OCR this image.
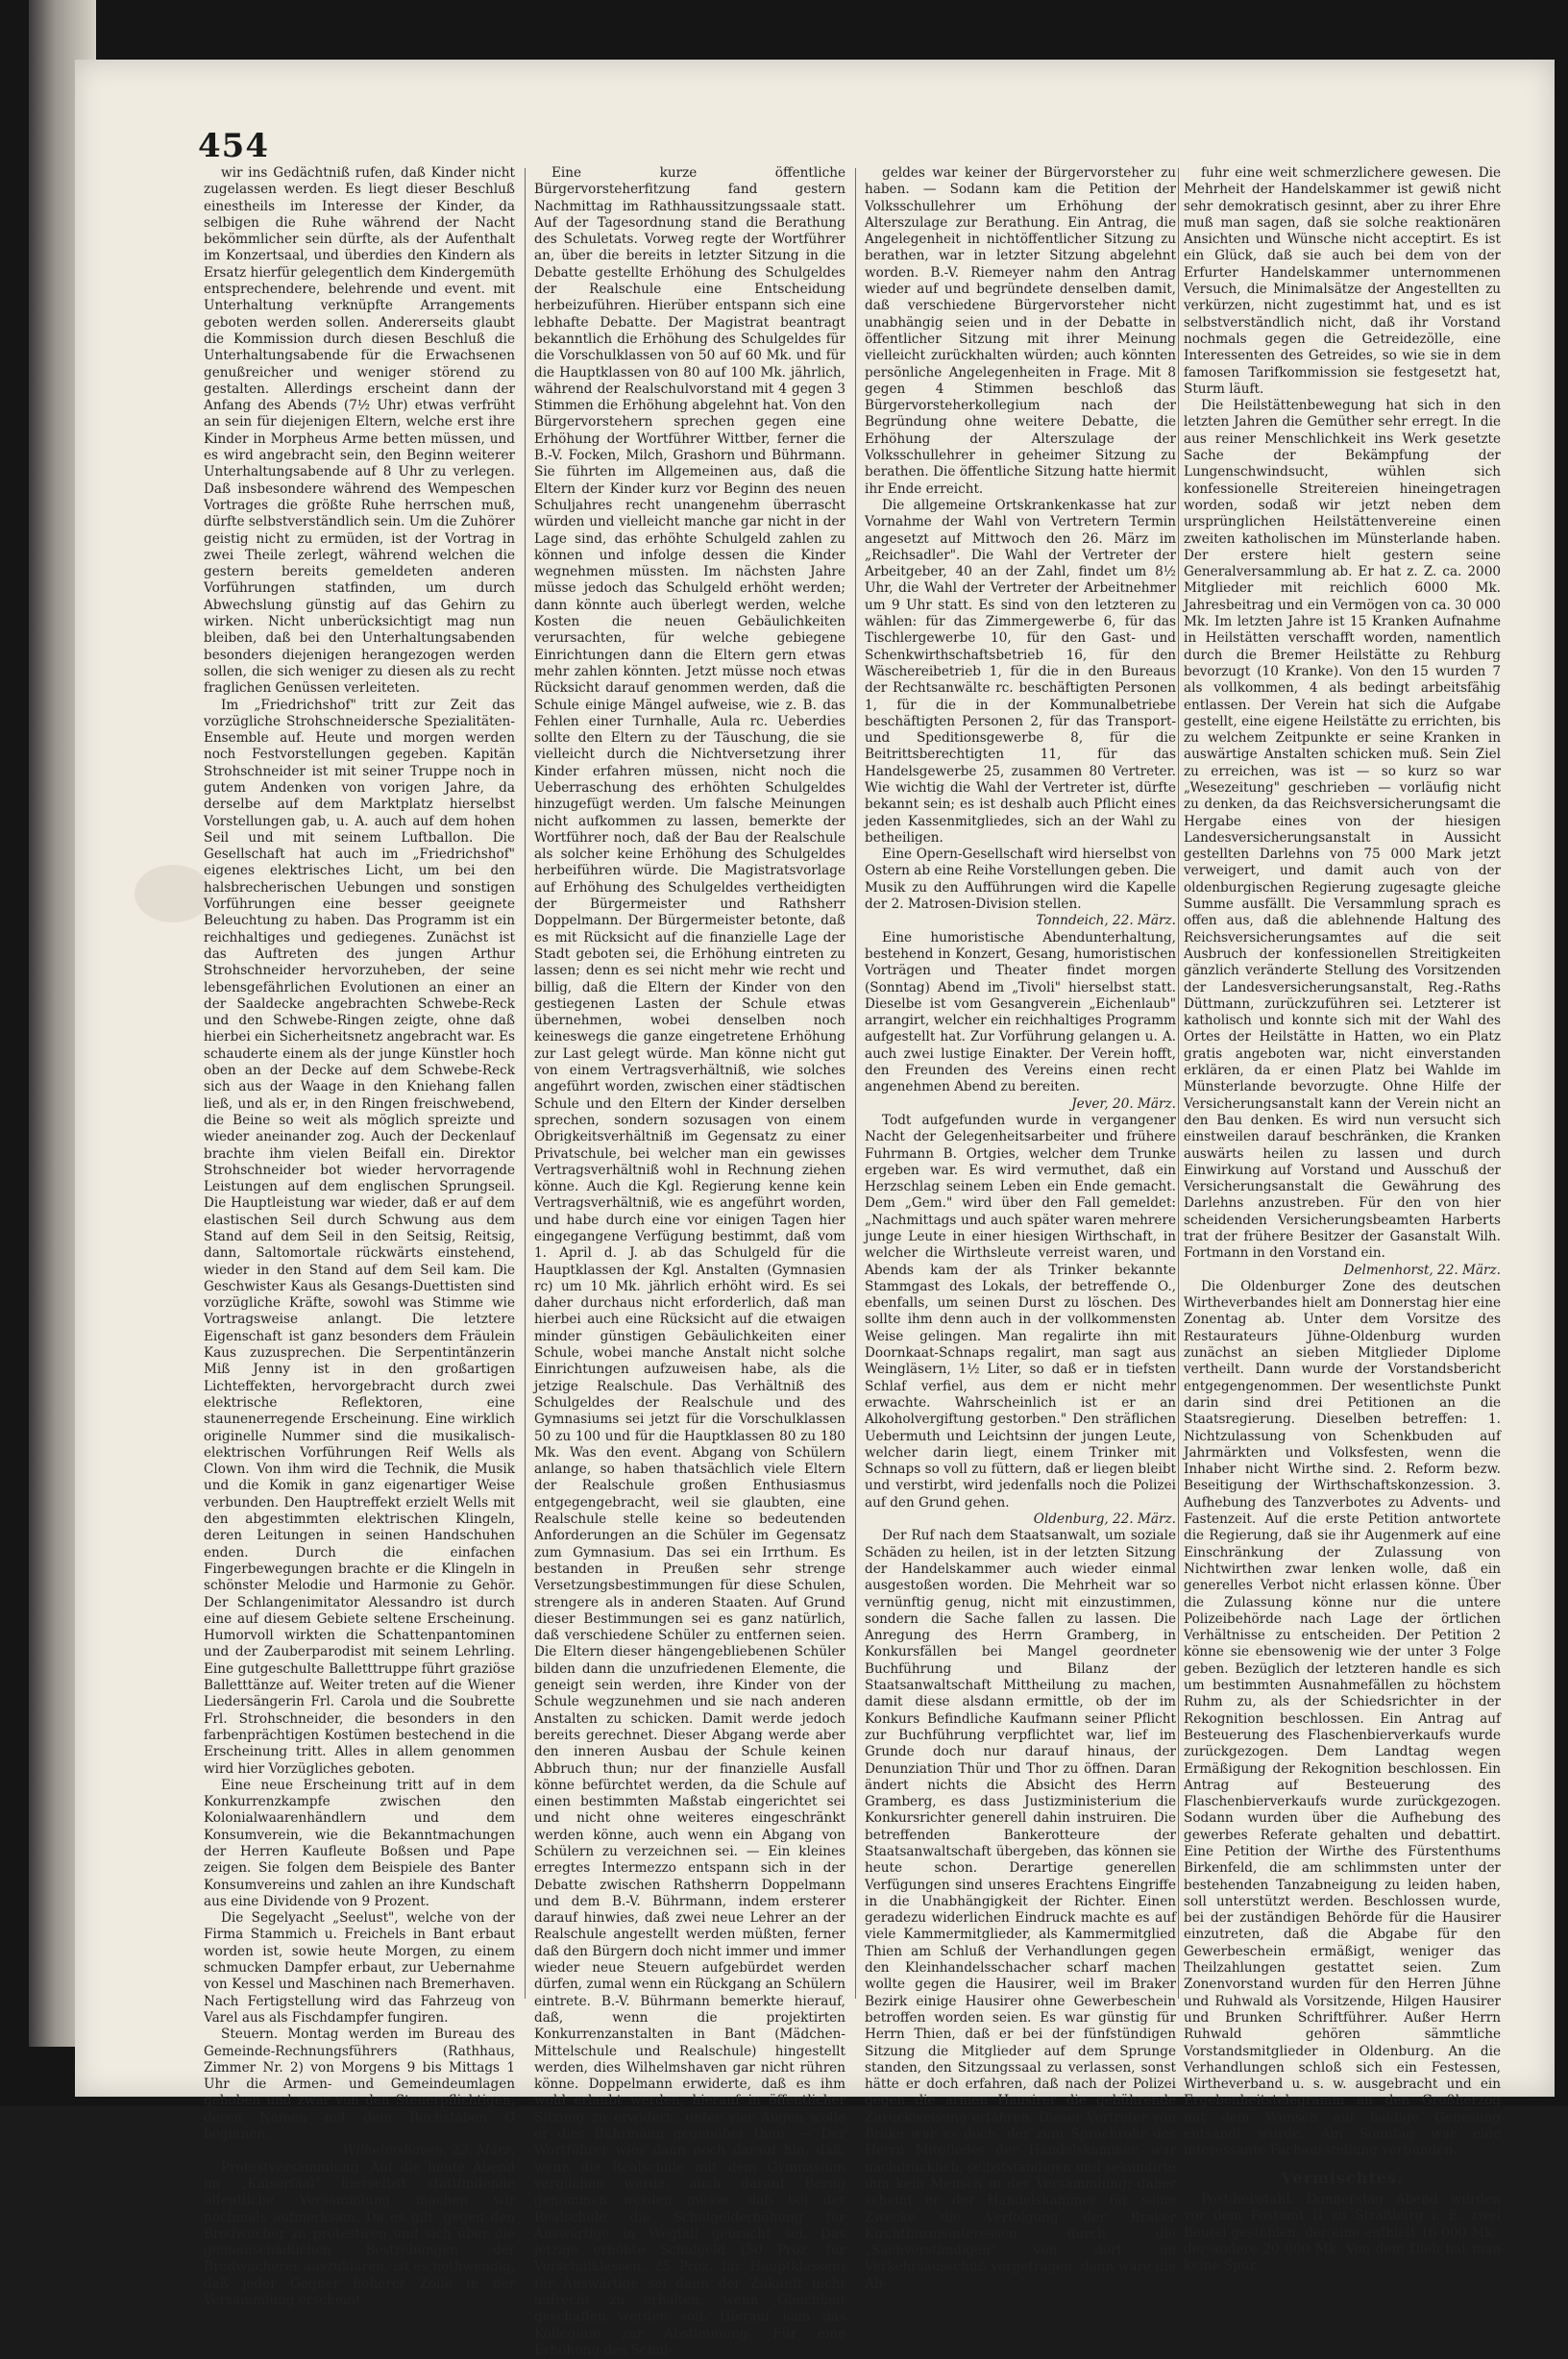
454

wir ins Gedächtniß rufen, daß Kinder nicht zugelassen werden. Es liegt dieser Beschluß einestheils im Interesse der Kinder, da selbigen die Ruhe während der Nacht bekömmlicher sein dürfte, als der Aufenthalt im Konzertsaal, und überdies den Kindern als Ersatz hierfür gelegentlich dem Kindergemüth entsprechendere, belehrende und event. mit Unterhaltung verknüpfte Arrangements geboten werden sollen. Andererseits glaubt die Kommission durch diesen Beschluß die Unterhaltungsabende für die Erwachsenen genußreicher und weniger störend zu gestalten. Allerdings erscheint dann der Anfang des Abends (7½ Uhr) etwas verfrüht an sein für diejenigen Eltern, welche erst ihre Kinder in Morpheus Arme betten müssen, und es wird angebracht sein, den Beginn weiterer Unterhaltungsabende auf 8 Uhr zu verlegen. Daß insbesondere während des Wempeschen Vortrages die größte Ruhe herrschen muß, dürfte selbstverständlich sein. Um die Zuhörer geistig nicht zu ermüden, ist der Vortrag in zwei Theile zerlegt, während welchen die gestern bereits gemeldeten anderen Vorführungen statfinden, um durch Abwechslung günstig auf das Gehirn zu wirken. Nicht unberücksichtigt mag nun bleiben, daß bei den Unterhaltungsabenden besonders diejenigen herangezogen werden sollen, die sich weniger zu diesen als zu recht fraglichen Genüssen verleiteten.

Im „Friedrichshof" tritt zur Zeit das vorzügliche Strohschneidersche Spezialitäten-Ensemble auf. Heute und morgen werden noch Festvorstellungen gegeben. Kapitän Strohschneider ist mit seiner Truppe noch in gutem Andenken von vorigen Jahre, da derselbe auf dem Marktplatz hierselbst Vorstellungen gab, u. A. auch auf dem hohen Seil und mit seinem Luftballon. Die Gesellschaft hat auch im „Friedrichshof" eigenes elektrisches Licht, um bei den halsbrecherischen Uebungen und sonstigen Vorführungen eine besser geeignete Beleuchtung zu haben. Das Programm ist ein reichhaltiges und gediegenes. Zunächst ist das Auftreten des jungen Arthur Strohschneider hervorzuheben, der seine lebensgefährlichen Evolutionen an einer an der Saaldecke angebrachten Schwebe-Reck und den Schwebe-Ringen zeigte, ohne daß hierbei ein Sicherheitsnetz angebracht war. Es schauderte einem als der junge Künstler hoch oben an der Decke auf dem Schwebe-Reck sich aus der Waage in den Kniehang fallen ließ, und als er, in den Ringen freischwebend, die Beine so weit als möglich spreizte und wieder aneinander zog. Auch der Deckenlauf brachte ihm vielen Beifall ein. Direktor Strohschneider bot wieder hervorragende Leistungen auf dem englischen Sprungseil. Die Hauptleistung war wieder, daß er auf dem elastischen Seil durch Schwung aus dem Stand auf dem Seil in den Seitsig, Reitsig, dann, Saltomortale rückwärts einstehend, wieder in den Stand auf dem Seil kam. Die Geschwister Kaus als Gesangs-Duettisten sind vorzügliche Kräfte, sowohl was Stimme wie Vortragsweise anlangt. Die letztere Eigenschaft ist ganz besonders dem Fräulein Kaus zuzusprechen. Die Serpentintänzerin Miß Jenny ist in den großartigen Lichteffekten, hervorgebracht durch zwei elektrische Reflektoren, eine staunenerregende Erscheinung. Eine wirklich originelle Nummer sind die musikalisch-elektrischen Vorführungen Reif Wells als Clown. Von ihm wird die Technik, die Musik und die Komik in ganz eigenartiger Weise verbunden. Den Hauptreffekt erzielt Wells mit den abgestimmten elektrischen Klingeln, deren Leitungen in seinen Handschuhen enden. Durch die einfachen Fingerbewegungen brachte er die Klingeln in schönster Melodie und Harmonie zu Gehör. Der Schlangenimitator Alessandro ist durch eine auf diesem Gebiete seltene Erscheinung. Humorvoll wirkten die Schattenpantominen und der Zauberparodist mit seinem Lehrling. Eine gutgeschulte Balletttruppe führt graziöse Balletttänze auf. Weiter treten auf die Wiener Liedersängerin Frl. Carola und die Soubrette Frl. Strohschneider, die besonders in den farbenprächtigen Kostümen bestechend in die Erscheinung tritt. Alles in allem genommen wird hier Vorzügliches geboten.

Eine neue Erscheinung tritt auf in dem Konkurrenzkampfe zwischen den Kolonialwaarenhändlern und dem Konsumverein, wie die Bekanntmachungen der Herren Kaufleute Boßsen und Pape zeigen. Sie folgen dem Beispiele des Banter Konsumvereins und zahlen an ihre Kundschaft aus eine Dividende von 9 Prozent.

Die Segelyacht „Seelust", welche von der Firma Stammich u. Freichels in Bant erbaut worden ist, sowie heute Morgen, zu einem schmucken Dampfer erbaut, zur Uebernahme von Kessel und Maschinen nach Bremerhaven. Nach Fertigstellung wird das Fahrzeug von Varel aus als Fischdampfer fungiren.

Steuern. Montag werden im Bureau des Gemeinde-Rechnungsführers (Rathhaus, Zimmer Nr. 2) von Morgens 9 bis Mittags 1 Uhr die Armen- und Gemeindeumlagen gehoben und zwar von den Steuerpflichtigen, deren Namen mit dem Buchstaben G beginnen.

Wilhelmshaven, 22. März.

Protestversammlung. Auf die heute Abend im „Kaiserfaal" hierselbst stattfindende öffentliche Versammlung machen wir nochmals aufmerksam. Da es gilt, gegen den Brodwucher zu protestiren und sich über die gemeinschädlichen Bestrebungen der Brodwucherer auszuklären, ist es nothwendig, daß jeder Gegner höherer Zölle in der Versammlung erscheint.

Eine kurze öffentliche Bürgervorsteherfitzung fand gestern Nachmittag im Rathhaussitzungssaale statt. Auf der Tagesordnung stand die Berathung des Schuletats. Vorweg regte der Wortführer an, über die bereits in letzter Sitzung in die Debatte gestellte Erhöhung des Schulgeldes der Realschule eine Entscheidung herbeizuführen. Hierüber entspann sich eine lebhafte Debatte. Der Magistrat beantragt bekanntlich die Erhöhung des Schulgeldes für die Vorschulklassen von 50 auf 60 Mk. und für die Hauptklassen von 80 auf 100 Mk. jährlich, während der Realschulvorstand mit 4 gegen 3 Stimmen die Erhöhung abgelehnt hat. Von den Bürgervorstehern sprechen gegen eine Erhöhung der Wortführer Wittber, ferner die B.-V. Focken, Milch, Grashorn und Bührmann. Sie führten im Allgemeinen aus, daß die Eltern der Kinder kurz vor Beginn des neuen Schuljahres recht unangenehm überrascht würden und vielleicht manche gar nicht in der Lage sind, das erhöhte Schulgeld zahlen zu können und infolge dessen die Kinder wegnehmen müssten. Im nächsten Jahre müsse jedoch das Schulgeld erhöht werden; dann könnte auch überlegt werden, welche Kosten die neuen Gebäulichkeiten verursachten, für welche gebiegene Einrichtungen dann die Eltern gern etwas mehr zahlen könnten. Jetzt müsse noch etwas Rücksicht darauf genommen werden, daß die Schule einige Mängel aufweise, wie z. B. das Fehlen einer Turnhalle, Aula rc. Ueberdies sollte den Eltern zu der Täuschung, die sie vielleicht durch die Nichtversetzung ihrer Kinder erfahren müssen, nicht noch die Ueberraschung des erhöhten Schulgeldes hinzugefügt werden. Um falsche Meinungen nicht aufkommen zu lassen, bemerkte der Wortführer noch, daß der Bau der Realschule als solcher keine Erhöhung des Schulgeldes herbeiführen würde. Die Magistratsvorlage auf Erhöhung des Schulgeldes vertheidigten der Bürgermeister und Rathsherr Doppelmann. Der Bürgermeister betonte, daß es mit Rücksicht auf die finanzielle Lage der Stadt geboten sei, die Erhöhung eintreten zu lassen; denn es sei nicht mehr wie recht und billig, daß die Eltern der Kinder von den gestiegenen Lasten der Schule etwas übernehmen, wobei denselben noch keineswegs die ganze eingetretene Erhöhung zur Last gelegt würde. Man könne nicht gut von einem Vertragsverhältniß, wie solches angeführt worden, zwischen einer städtischen Schule und den Eltern der Kinder derselben sprechen, sondern sozusagen von einem Obrigkeitsverhältniß im Gegensatz zu einer Privatschule, bei welcher man ein gewisses Vertragsverhältniß wohl in Rechnung ziehen könne. Auch die Kgl. Regierung kenne kein Vertragsverhältniß, wie es angeführt worden, und habe durch eine vor einigen Tagen hier eingegangene Verfügung bestimmt, daß vom 1. April d. J. ab das Schulgeld für die Hauptklassen der Kgl. Anstalten (Gymnasien rc) um 10 Mk. jährlich erhöht wird. Es sei daher durchaus nicht erforderlich, daß man hierbei auch eine Rücksicht auf die etwaigen minder günstigen Gebäulichkeiten einer Schule, wobei manche Anstalt nicht solche Einrichtungen aufzuweisen habe, als die jetzige Realschule. Das Verhältniß des Schulgeldes der Realschule und des Gymnasiums sei jetzt für die Vorschulklassen 50 zu 100 und für die Hauptklassen 80 zu 180 Mk. Was den event. Abgang von Schülern anlange, so haben thatsächlich viele Eltern der Realschule großen Enthusiasmus entgegengebracht, weil sie glaubten, eine Realschule stelle keine so bedeutenden Anforderungen an die Schüler im Gegensatz zum Gymnasium. Das sei ein Irrthum. Es bestanden in Preußen sehr strenge Versetzungsbestimmungen für diese Schulen, strengere als in anderen Staaten. Auf Grund dieser Bestimmungen sei es ganz natürlich, daß verschiedene Schüler zu entfernen seien. Die Eltern dieser hängengebliebenen Schüler bilden dann die unzufriedenen Elemente, die geneigt sein werden, ihre Kinder von der Schule wegzunehmen und sie nach anderen Anstalten zu schicken. Damit werde jedoch bereits gerechnet. Dieser Abgang werde aber den inneren Ausbau der Schule keinen Abbruch thun; nur der finanzielle Ausfall könne befürchtet werden, da die Schule auf einen bestimmten Maßstab eingerichtet sei und nicht ohne weiteres eingeschränkt werden könne, auch wenn ein Abgang von Schülern zu verzeichnen sei. — Ein kleines erregtes Intermezzo entspann sich in der Debatte zwischen Rathsherrn Doppelmann und dem B.-V. Bührmann, indem ersterer darauf hinwies, daß zwei neue Lehrer an der Realschule angestellt werden müßten, ferner daß den Bürgern doch nicht immer und immer wieder neue Steuern aufgebürdet werden dürfen, zumal wenn ein Rückgang an Schülern eintrete. B.-V. Bührmann bemerkte hierauf, daß, wenn die projektirten Konkurrenzanstalten in Bant (Mädchen-Mittelschule und Realschule) hingestellt werden, dies Wilhelmshaven gar nicht rühren könne. Doppelmann erwiderte, daß es ihm wohl erlaubt werden, hierauf in öffentlicher Sitzung zu erwidern; unter vier Augen wolle er dies Bührmann gegenüber thun. — Der Wortführer wies dann noch darauf hin, daß, wenn die Realschule mit dem Gymnasium verglichen werde, auch darauf Bezug genommen werden müsse, daß bei der Realschule die Schulgelderhöhung für Auswärtige in Wegfall gebracht sei. Das jetzige erhöhte Schulgeld (50 Proz. für Vorschulklassen, 25 Proz. für Hauptklassen) für Auswärtige sei dann der Zukunft nicht aufrecht zu erhalten, wenn Gleichheit geschaffen werden soll. Hierauf kam das Kollegium zur Abstimmung. Für eine Erhöhung des Schul-

geldes war keiner der Bürgervorsteher zu haben. — Sodann kam die Petition der Volksschullehrer um Erhöhung der Alterszulage zur Berathung. Ein Antrag, die Angelegenheit in nichtöffentlicher Sitzung zu berathen, war in letzter Sitzung abgelehnt worden. B.-V. Riemeyer nahm den Antrag wieder auf und begründete denselben damit, daß verschiedene Bürgervorsteher nicht unabhängig seien und in der Debatte in öffentlicher Sitzung mit ihrer Meinung vielleicht zurückhalten würden; auch könnten persönliche Angelegenheiten in Frage. Mit 8 gegen 4 Stimmen beschloß das Bürgervorsteherkollegium nach der Begründung ohne weitere Debatte, die Erhöhung der Alterszulage der Volksschullehrer in geheimer Sitzung zu berathen. Die öffentliche Sitzung hatte hiermit ihr Ende erreicht.

Die allgemeine Ortskrankenkasse hat zur Vornahme der Wahl von Vertretern Termin angesetzt auf Mittwoch den 26. März im „Reichsadler". Die Wahl der Vertreter der Arbeitgeber, 40 an der Zahl, findet um 8½ Uhr, die Wahl der Vertreter der Arbeitnehmer um 9 Uhr statt. Es sind von den letzteren zu wählen: für das Zimmergewerbe 6, für das Tischlergewerbe 10, für den Gast- und Schenkwirthschaftsbetrieb 16, für den Wäschereibetrieb 1, für die in den Bureaus der Rechtsanwälte rc. beschäftigten Personen 1, für die in der Kommunalbetriebe beschäftigten Personen 2, für das Transport- und Speditionsgewerbe 8, für die Beitrittsberechtigten 11, für das Handelsgewerbe 25, zusammen 80 Vertreter. Wie wichtig die Wahl der Vertreter ist, dürfte bekannt sein; es ist deshalb auch Pflicht eines jeden Kassenmitgliedes, sich an der Wahl zu betheiligen.

Eine Opern-Gesellschaft wird hierselbst von Ostern ab eine Reihe Vorstellungen geben. Die Musik zu den Aufführungen wird die Kapelle der 2. Matrosen-Division stellen.

Tonndeich, 22. März.

Eine humoristische Abendunterhaltung, bestehend in Konzert, Gesang, humoristischen Vorträgen und Theater findet morgen (Sonntag) Abend im „Tivoli" hierselbst statt. Dieselbe ist vom Gesangverein „Eichenlaub" arrangirt, welcher ein reichhaltiges Programm aufgestellt hat. Zur Vorführung gelangen u. A. auch zwei lustige Einakter. Der Verein hofft, den Freunden des Vereins einen recht angenehmen Abend zu bereiten.

Jever, 20. März.

Todt aufgefunden wurde in vergangener Nacht der Gelegenheitsarbeiter und frühere Fuhrmann B. Ortgies, welcher dem Trunke ergeben war. Es wird vermuthet, daß ein Herzschlag seinem Leben ein Ende gemacht. Dem „Gem." wird über den Fall gemeldet: „Nachmittags und auch später waren mehrere junge Leute in einer hiesigen Wirthschaft, in welcher die Wirthsleute verreist waren, und Abends kam der als Trinker bekannte Stammgast des Lokals, der betreffende O., ebenfalls, um seinen Durst zu löschen. Des sollte ihm denn auch in der vollkommensten Weise gelingen. Man regalirte ihn mit Doornkaat-Schnaps regalirt, man sagt aus Weingläsern, 1½ Liter, so daß er in tiefsten Schlaf verfiel, aus dem er nicht mehr erwachte. Wahrscheinlich ist er an Alkoholvergiftung gestorben." Den sträflichen Uebermuth und Leichtsinn der jungen Leute, welcher darin liegt, einem Trinker mit Schnaps so voll zu füttern, daß er liegen bleibt und verstirbt, wird jedenfalls noch die Polizei auf den Grund gehen.

Oldenburg, 22. März.

Der Ruf nach dem Staatsanwalt, um soziale Schäden zu heilen, ist in der letzten Sitzung der Handelskammer auch wieder einmal ausgestoßen worden. Die Mehrheit war so vernünftig genug, nicht mit einzustimmen, sondern die Sache fallen zu lassen. Die Anregung des Herrn Gramberg, in Konkursfällen bei Mangel geordneter Buchführung und Bilanz der Staatsanwaltschaft Mittheilung zu machen, damit diese alsdann ermittle, ob der im Konkurs Befindliche Kaufmann seiner Pflicht zur Buchführung verpflichtet war, lief im Grunde doch nur darauf hinaus, der Denunziation Thür und Thor zu öffnen. Daran ändert nichts die Absicht des Herrn Gramberg, es dass Justizministerium die Konkursrichter generell dahin instruiren. Die betreffenden Bankerotteure der Staatsanwaltschaft übergeben, das können sie heute schon. Derartige generellen Verfügungen sind unseres Erachtens Eingriffe in die Unabhängigkeit der Richter. Einen geradezu widerlichen Eindruck machte es auf viele Kammermitglieder, als Kammermitglied Thien am Schluß der Verhandlungen gegen den Kleinhandelsschacher scharf machen wollte gegen die Hausirer, weil im Braker Bezirk einige Hausirer ohne Gewerbeschein betroffen worden seien. Es war günstig für Herrn Thien, daß er bei der fünfstündigen Sitzung die Mitglieder auf dem Sprunge standen, den Sitzungssaal zu verlassen, sonst hätte er doch erfahren, daß nach der Polizei gegen die armen Hausirer die gebührende Zurückweisung erfahren. Dieser Vertreter von Brake war es doch, der zum Sprachrohr des Herrn Mitgliedes der Handelskammer, war nachdrücklich, selbstständigen und sekundirte ihm kein Mensch in der Versammlung; daher scheint er der Handelskammer für seine Zwecke die Verfolgung der Braker Kirchthurmsinteressen durch die „Sachverständigen" von dort im Verkehrsausschuß vorgetragen, dann wäre die Ab-

fuhr eine weit schmerzlichere gewesen. Die Mehrheit der Handelskammer ist gewiß nicht sehr demokratisch gesinnt, aber zu ihrer Ehre muß man sagen, daß sie solche reaktionären Ansichten und Wünsche nicht acceptirt. Es ist ein Glück, daß sie auch bei dem von der Erfurter Handelskammer unternommenen Versuch, die Minimalsätze der Angestellten zu verkürzen, nicht zugestimmt hat, und es ist selbstverständlich nicht, daß ihr Vorstand nochmals gegen die Getreidezölle, eine Interessenten des Getreides, so wie sie in dem famosen Tarifkommission sie festgesetzt hat, Sturm läuft.

Die Heilstättenbewegung hat sich in den letzten Jahren die Gemüther sehr erregt. In die aus reiner Menschlichkeit ins Werk gesetzte Sache der Bekämpfung der Lungenschwindsucht, wühlen sich konfessionelle Streitereien hineingetragen worden, sodaß wir jetzt neben dem ursprünglichen Heilstättenvereine einen zweiten katholischen im Münsterlande haben. Der erstere hielt gestern seine Generalversammlung ab. Er hat z. Z. ca. 2000 Mitglieder mit reichlich 6000 Mk. Jahresbeitrag und ein Vermögen von ca. 30 000 Mk. Im letzten Jahre ist 15 Kranken Aufnahme in Heilstätten verschafft worden, namentlich durch die Bremer Heilstätte zu Rehburg bevorzugt (10 Kranke). Von den 15 wurden 7 als vollkommen, 4 als bedingt arbeitsfähig entlassen. Der Verein hat sich die Aufgabe gestellt, eine eigene Heilstätte zu errichten, bis zu welchem Zeitpunkte er seine Kranken in auswärtige Anstalten schicken muß. Sein Ziel zu erreichen, was ist — so kurz so war „Wesezeitung" geschrieben — vorläufig nicht zu denken, da das Reichsversicherungsamt die Hergabe eines von der hiesigen Landesversicherungsanstalt in Aussicht gestellten Darlehns von 75 000 Mark jetzt verweigert, und damit auch von der oldenburgischen Regierung zugesagte gleiche Summe ausfällt. Die Versammlung sprach es offen aus, daß die ablehnende Haltung des Reichsversicherungsamtes auf die seit Ausbruch der konfessionellen Streitigkeiten gänzlich veränderte Stellung des Vorsitzenden der Landesversicherungsanstalt, Reg.-Raths Düttmann, zurückzuführen sei. Letzterer ist katholisch und konnte sich mit der Wahl des Ortes der Heilstätte in Hatten, wo ein Platz gratis angeboten war, nicht einverstanden erklären, da er einen Platz bei Wahlde im Münsterlande bevorzugte. Ohne Hilfe der Versicherungsanstalt kann der Verein nicht an den Bau denken. Es wird nun versucht sich einstweilen darauf beschränken, die Kranken auswärts heilen zu lassen und durch Einwirkung auf Vorstand und Ausschuß der Versicherungsanstalt die Gewährung des Darlehns anzustreben. Für den von hier scheidenden Versicherungsbeamten Harberts trat der frühere Besitzer der Gasanstalt Wilh. Fortmann in den Vorstand ein.

Delmenhorst, 22. März.

Die Oldenburger Zone des deutschen Wirtheverbandes hielt am Donnerstag hier eine Zonentag ab. Unter dem Vorsitze des Restaurateurs Jühne-Oldenburg wurden zunächst an sieben Mitglieder Diplome vertheilt. Dann wurde der Vorstandsbericht entgegengenommen. Der wesentlichste Punkt darin sind drei Petitionen an die Staatsregierung. Dieselben betreffen: 1. Nichtzulassung von Schenkbuden auf Jahrmärkten und Volksfesten, wenn die Inhaber nicht Wirthe sind. 2. Reform bezw. Beseitigung der Wirthschaftskonzession. 3. Aufhebung des Tanzverbotes zu Advents- und Fastenzeit. Auf die erste Petition antwortete die Regierung, daß sie ihr Augenmerk auf eine Einschränkung der Zulassung von Nichtwirthen zwar lenken wolle, daß ein generelles Verbot nicht erlassen könne. Über die Zulassung könne nur die untere Polizeibehörde nach Lage der örtlichen Verhältnisse zu entscheiden. Der Petition 2 könne sie ebensowenig wie der unter 3 Folge geben. Bezüglich der letzteren handle es sich um bestimmten Ausnahmefällen zu höchstem Ruhm zu, als der Schiedsrichter in der Rekognition beschlossen. Ein Antrag auf Besteuerung des Flaschenbierverkaufs wurde zurückgezogen. Dem Landtag wegen Ermäßigung der Rekognition beschlossen. Ein Antrag auf Besteuerung des Flaschenbierverkaufs wurde zurückgezogen. Sodann wurden über die Aufhebung des gewerbes Referate gehalten und debattirt. Eine Petition der Wirthe des Fürstenthums Birkenfeld, die am schlimmsten unter der bestehenden Tanzabneigung zu leiden haben, soll unterstützt werden. Beschlossen wurde, bei der zuständigen Behörde für die Hausirer einzutreten, daß die Abgabe für den Gewerbeschein ermäßigt, weniger das Theilzahlungen gestattet seien. Zum Zonenvorstand wurden für den Herren Jühne und Ruhwald als Vorsitzende, Hilgen Hausirer und Brunken Schriftführer. Außer Herrn Ruhwald gehören sämmtliche Vorstandsmitglieder in Oldenburg. An die Verhandlungen schloß sich ein Festessen, Wirtheverband u. s. w. ausgebracht und ein Ergebenheitstelegramm an den Großherzog mit dem Wunsch auf baldige Genesung entsandt wurde. Am Sonntag war eine interessante Fachausstellung verbunden.

Vermischtes.

Postdiebstahl. Donnerstag Abend wurden vor dem Postamt II zu Straßburg i. E. zwei Beutel gestohlen, der eine enthielt 16 000 Mk., der andere 20 000 Mk. Von dem Dieb hat man keine Spur.
